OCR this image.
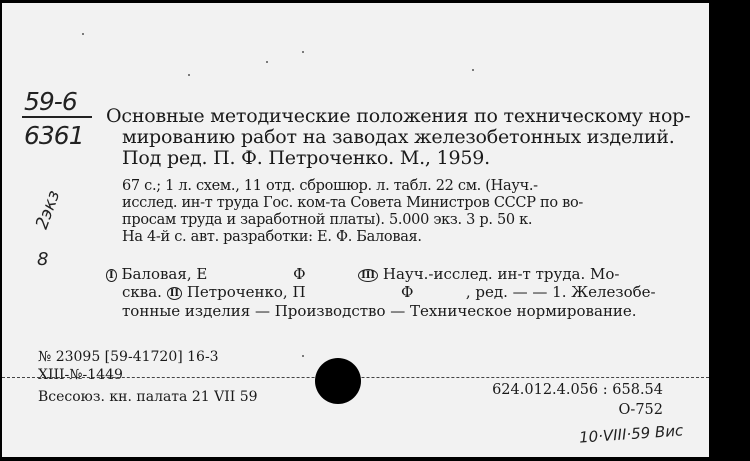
59-6
6361
2экз
8
Основные методические положения по техническому нор-
мированию работ на заводах железобетонных изделий.
Под ред. П. Ф. Петроченко. М., 1959.
67 с.; 1 л. схем., 11 отд. сброшюр. л. табл. 22 см. (Науч.-
исслед. ин-т труда Гос. ком-та Совета Министров СССР по во-
просам труда и заработной платы). 5.000 экз. 3 р. 50 к.
На 4-й с. авт. разработки: Е. Ф. Баловая.
I Баловая, Е	Ф	III Науч.-исслед. ин-т труда. Мо-
сква. II Петроченко, П	Ф	, ред. — — 1. Железобе-
тонные изделия — Производство — Техническое нормирование.
№ 23095 [59-41720] 16-3
XIII-№-1449
Всесоюз. кн. палата 21 VII 59	624.012.4.056 : 658.54
О-752
10·VIII·59 Вис
